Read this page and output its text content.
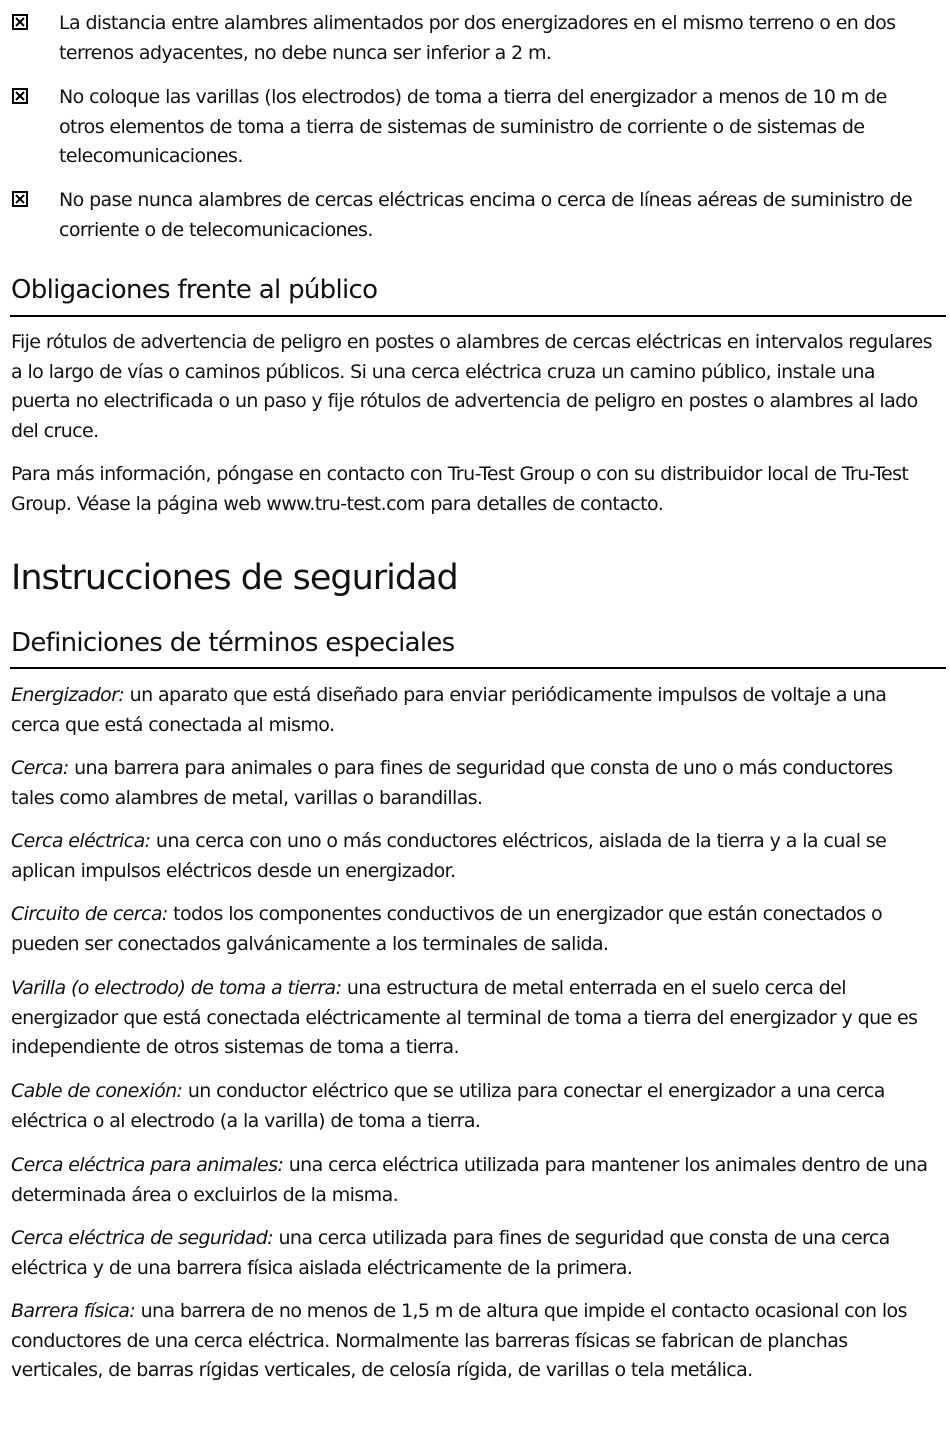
La distancia entre alambres alimentados por dos energizadores en el mismo terreno o en dos terrenos adyacentes, no debe nunca ser inferior a 2 m.
No coloque las varillas (los electrodos) de toma a tierra del energizador a menos de 10 m de otros elementos de toma a tierra de sistemas de suministro de corriente o de sistemas de telecomunicaciones.
No pase nunca alambres de cercas eléctricas encima o cerca de líneas aéreas de suministro de corriente o de telecomunicaciones.
Obligaciones frente al público
Fije rótulos de advertencia de peligro en postes o alambres de cercas eléctricas en intervalos regulares a lo largo de vías o caminos públicos. Si una cerca eléctrica cruza un camino público, instale una puerta no electrificada o un paso y fije rótulos de advertencia de peligro en postes o alambres al lado del cruce.
Para más información, póngase en contacto con Tru-Test Group o con su distribuidor local de Tru-Test Group. Véase la página web www.tru-test.com para detalles de contacto.
Instrucciones de seguridad
Definiciones de términos especiales
Energizador: un aparato que está diseñado para enviar periódicamente impulsos de voltaje a una cerca que está conectada al mismo.
Cerca: una barrera para animales o para fines de seguridad que consta de uno o más conductores tales como alambres de metal, varillas o barandillas.
Cerca eléctrica: una cerca con uno o más conductores eléctricos, aislada de la tierra y a la cual se aplican impulsos eléctricos desde un energizador.
Circuito de cerca: todos los componentes conductivos de un energizador que están conectados o pueden ser conectados galvánicamente a los terminales de salida.
Varilla (o electrodo) de toma a tierra: una estructura de metal enterrada en el suelo cerca del energizador que está conectada eléctricamente al terminal de toma a tierra del energizador y que es independiente de otros sistemas de toma a tierra.
Cable de conexión: un conductor eléctrico que se utiliza para conectar el energizador a una cerca eléctrica o al electrodo (a la varilla) de toma a tierra.
Cerca eléctrica para animales: una cerca eléctrica utilizada para mantener los animales dentro de una determinada área o excluirlos de la misma.
Cerca eléctrica de seguridad: una cerca utilizada para fines de seguridad que consta de una cerca eléctrica y de una barrera física aislada eléctricamente de la primera.
Barrera física: una barrera de no menos de 1,5 m de altura que impide el contacto ocasional con los conductores de una cerca eléctrica. Normalmente las barreras físicas se fabrican de planchas verticales, de barras rígidas verticales, de celosía rígida, de varillas o tela metálica.
